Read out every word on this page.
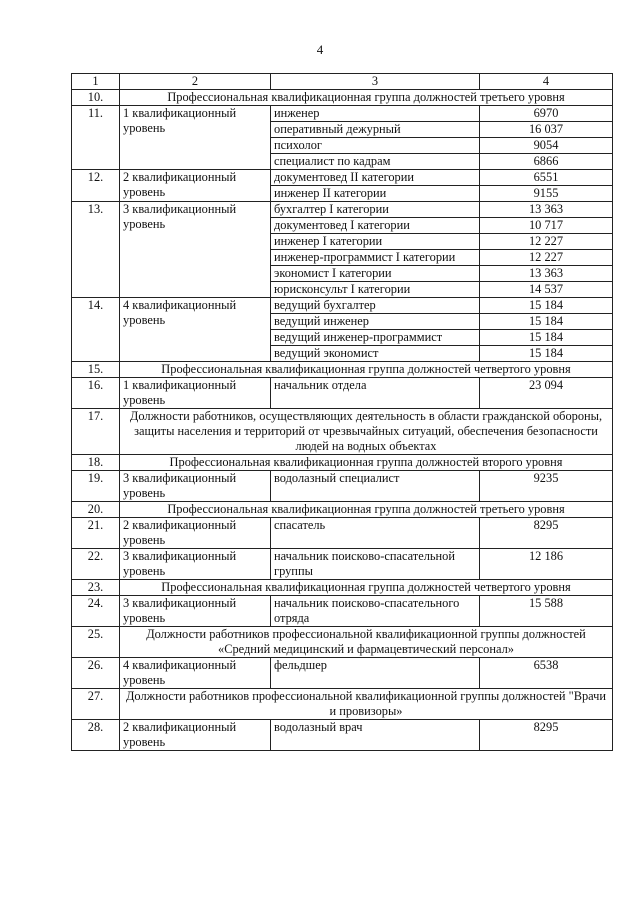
4
1	2	3	4
10.	Профессиональная квалификационная группа должностей третьего уровня		
11.	1 квалификационный уровень	инженер	6970
		оперативный дежурный	16 037
		психолог	9054
		специалист по кадрам	6866
12.	2 квалификационный уровень	документовед II категории	6551
		инженер II категории	9155
13.	3 квалификационный уровень	бухгалтер I категории	13 363
		документовед I категории	10 717
		инженер I категории	12 227
		инженер-программист I категории	12 227
		экономист I категории	13 363
		юрисконсульт I категории	14 537
14.	4 квалификационный уровень	ведущий бухгалтер	15 184
		ведущий инженер	15 184
		ведущий инженер-программист	15 184
		ведущий экономист	15 184
15.	Профессиональная квалификационная группа должностей четвертого уровня		
16.	1 квалификационный уровень	начальник отдела	23 094
17.	Должности работников, осуществляющих деятельность в области гражданской обороны, защиты населения и территорий от чрезвычайных ситуаций, обеспечения безопасности людей на водных объектах		
18.	Профессиональная квалификационная группа должностей второго уровня		
19.	3 квалификационный уровень	водолазный специалист	9235
20.	Профессиональная квалификационная группа должностей третьего уровня		
21.	2 квалификационный уровень	спасатель	8295
22.	3 квалификационный уровень	начальник поисково-спасательной группы	12 186
23.	Профессиональная квалификационная группа должностей четвертого уровня		
24.	3 квалификационный уровень	начальник поисково-спасательного отряда	15 588
25.	Должности работников профессиональной квалификационной группы должностей «Средний медицинский и фармацевтический персонал»		
26.	4 квалификационный уровень	фельдшер	6538
27.	Должности работников профессиональной квалификационной группы должностей "Врачи и провизоры»		
28.	2 квалификационный уровень	водолазный врач	8295
